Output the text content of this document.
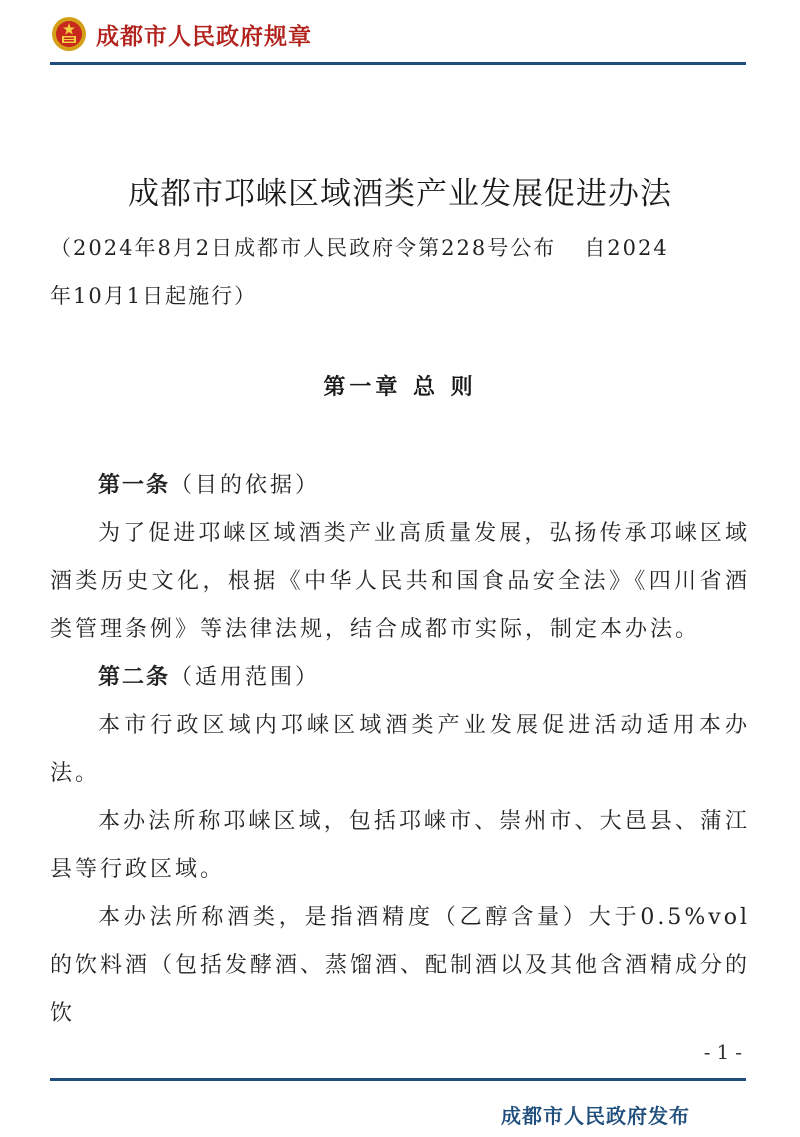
成都市人民政府规章
成都市邛崃区域酒类产业发展促进办法
（2024年8月2日成都市人民政府令第228号公布 自2024
年10月1日起施行）
第一章 总 则

第一条（目的依据）

为了促进邛崃区域酒类产业高质量发展，弘扬传承邛崃区域酒类历史文化，根据《中华人民共和国食品安全法》《四川省酒类管理条例》等法律法规，结合成都市实际，制定本办法。

第二条（适用范围）

本市行政区域内邛崃区域酒类产业发展促进活动适用本办法。

本办法所称邛崃区域，包括邛崃市、崇州市、大邑县、蒲江县等行政区域。

本办法所称酒类，是指酒精度（乙醇含量）大于0.5%vol的饮料酒（包括发酵酒、蒸馏酒、配制酒以及其他含酒精成分的饮

-1-
成都市人民政府发布
